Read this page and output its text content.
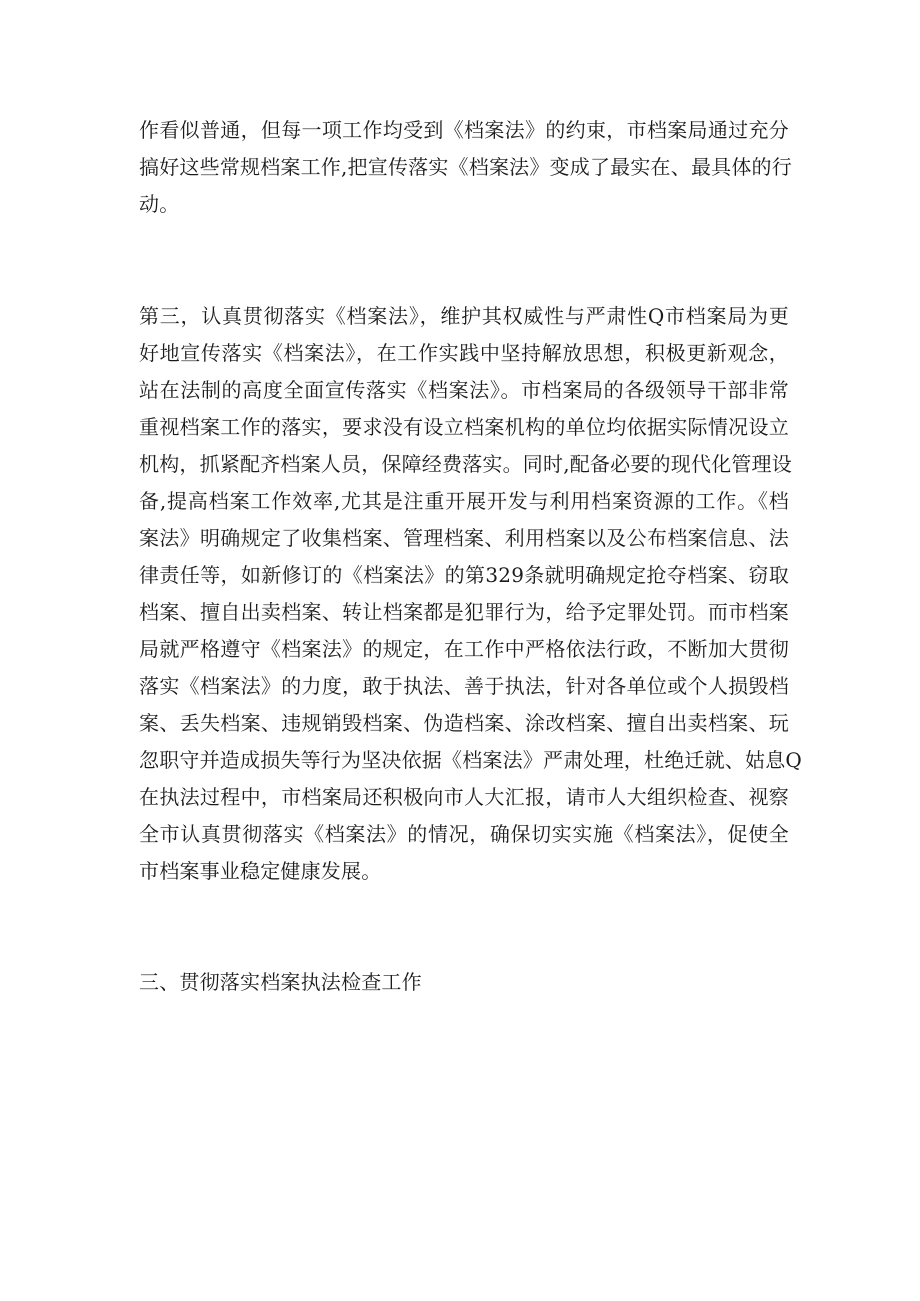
作看似普通，但每一项工作均受到《档案法》的约束，市档案局通过充分
搞好这些常规档案工作,把宣传落实《档案法》变成了最实在、最具体的行
动。
第三，认真贯彻落实《档案法》，维护其权威性与严肃性Q市档案局为更
好地宣传落实《档案法》，在工作实践中坚持解放思想，积极更新观念，
站在法制的高度全面宣传落实《档案法》。市档案局的各级领导干部非常
重视档案工作的落实，要求没有设立档案机构的单位均依据实际情况设立
机构，抓紧配齐档案人员，保障经费落实。同时,配备必要的现代化管理设
备,提高档案工作效率,尤其是注重开展开发与利用档案资源的工作。《档
案法》明确规定了收集档案、管理档案、利用档案以及公布档案信息、法
律责任等，如新修订的《档案法》的第329条就明确规定抢夺档案、窃取
档案、擅自出卖档案、转让档案都是犯罪行为，给予定罪处罚。而市档案
局就严格遵守《档案法》的规定，在工作中严格依法行政，不断加大贯彻
落实《档案法》的力度，敢于执法、善于执法，针对各单位或个人损毁档
案、丢失档案、违规销毁档案、伪造档案、涂改档案、擅自出卖档案、玩
忽职守并造成损失等行为坚决依据《档案法》严肃处理，杜绝迁就、姑息Q
在执法过程中，市档案局还积极向市人大汇报，请市人大组织检查、视察
全市认真贯彻落实《档案法》的情况，确保切实实施《档案法》，促使全
市档案事业稳定健康发展。
三、贯彻落实档案执法检查工作
